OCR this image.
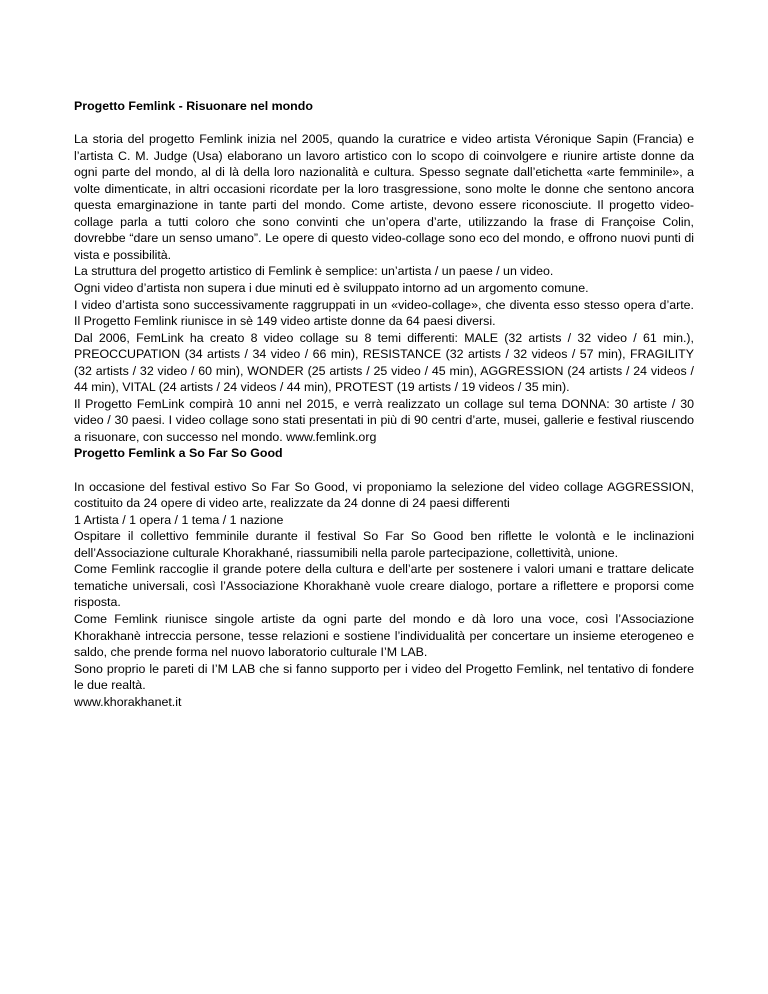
Progetto Femlink - Risuonare nel mondo

La storia del progetto Femlink inizia nel 2005, quando la curatrice e video artista Véronique Sapin (Francia) e l’artista C. M. Judge (Usa) elaborano un lavoro artistico con lo scopo di coinvolgere e riunire artiste donne da ogni parte del mondo, al di là della loro nazionalità e cultura. Spesso segnate dall’etichetta «arte femminile», a volte dimenticate, in altri occasioni ricordate per la loro trasgressione, sono molte le donne che sentono ancora questa emarginazione in tante parti del mondo. Come artiste, devono essere riconosciute. Il progetto video-collage parla a tutti coloro che sono convinti che un’opera d’arte, utilizzando la frase di Françoise Colin, dovrebbe “dare un senso umano”. Le opere di questo video-collage sono eco del mondo, e offrono nuovi punti di vista e possibilità.

La struttura del progetto artistico di Femlink è semplice: un’artista / un paese / un video.

Ogni video d’artista non supera i due minuti ed è sviluppato intorno ad un argomento comune.

I video d’artista sono successivamente raggruppati in un «video-collage», che diventa esso stesso opera d’arte. Il Progetto Femlink riunisce in sè 149 video artiste donne da 64 paesi diversi.

Dal 2006, FemLink ha creato 8 video collage su 8 temi differenti: MALE (32 artists / 32 video / 61 min.), PREOCCUPATION (34 artists / 34 video / 66 min), RESISTANCE (32 artists / 32 videos / 57 min), FRAGILITY (32 artists / 32 video / 60 min), WONDER (25 artists / 25 video / 45 min), AGGRESSION (24 artists / 24 videos / 44 min), VITAL (24 artists / 24 videos / 44 min), PROTEST (19 artists / 19 videos / 35 min).

Il Progetto FemLink compirà 10 anni nel 2015, e verrà realizzato un collage sul tema DONNA: 30 artiste / 30 video / 30 paesi. I video collage sono stati presentati in più di 90 centri d’arte, musei, gallerie e festival riuscendo a risuonare, con successo nel mondo. www.femlink.org

Progetto Femlink a So Far So Good

In occasione del festival estivo So Far So Good, vi proponiamo la selezione del video collage AGGRESSION, costituito da 24 opere di video arte, realizzate da 24 donne di 24 paesi differenti

1 Artista / 1 opera / 1 tema / 1 nazione

Ospitare il collettivo femminile durante il festival So Far So Good ben riflette le volontà e le inclinazioni dell’Associazione culturale Khorakhané, riassumibili nella parole partecipazione, collettività, unione.

Come Femlink raccoglie il grande potere della cultura e dell’arte per sostenere i valori umani e trattare delicate tematiche universali, così l’Associazione Khorakhanè vuole creare dialogo, portare a riflettere e proporsi come risposta.

Come Femlink riunisce singole artiste da ogni parte del mondo e dà loro una voce, così l’Associazione Khorakhanè intreccia persone, tesse relazioni e sostiene l’individualità per concertare un insieme eterogeneo e saldo, che prende forma nel nuovo laboratorio culturale I’M LAB.

Sono proprio le pareti di I’M LAB che si fanno supporto per i video del Progetto Femlink, nel tentativo di fondere le due realtà.

www.khorakhanet.it
